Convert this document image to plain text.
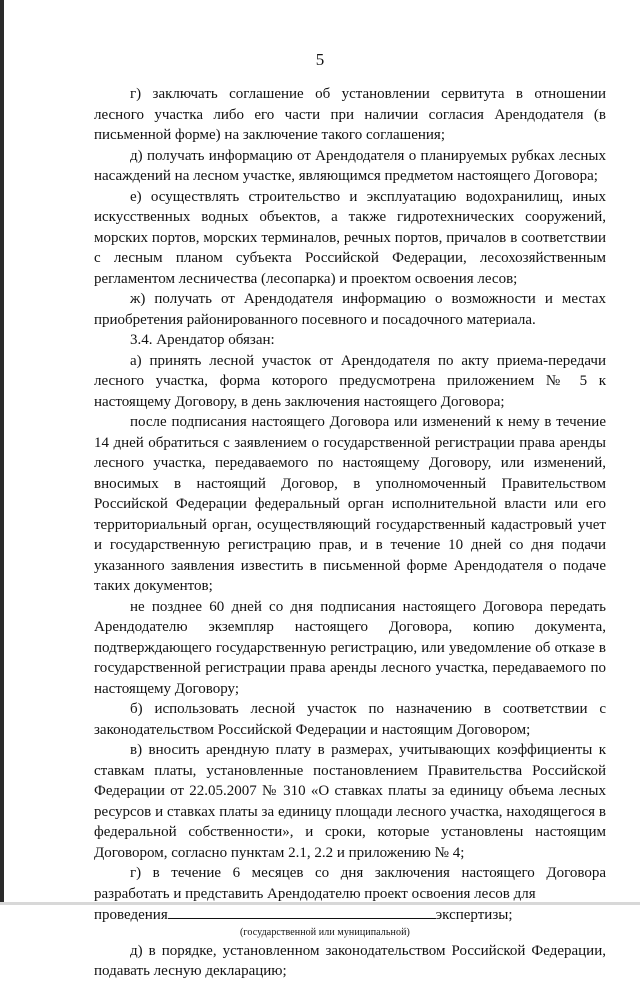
5

г) заключать соглашение об установлении сервитута в отношении лесного участка либо его части при наличии согласия Арендодателя (в письменной форме) на заключение такого соглашения;

д) получать информацию от Арендодателя о планируемых рубках лесных насаждений на лесном участке, являющимся предметом настоящего Договора;

е) осуществлять строительство и эксплуатацию водохранилищ, иных искусственных водных объектов, а также гидротехнических сооружений, морских портов, морских терминалов, речных портов, причалов в соответствии с лесным планом субъекта Российской Федерации, лесохозяйственным регламентом лесничества (лесопарка) и проектом освоения лесов;

ж) получать от Арендодателя информацию о возможности и местах приобретения районированного посевного и посадочного материала.

3.4. Арендатор обязан:

а) принять лесной участок от Арендодателя по акту приема-передачи лесного участка, форма которого предусмотрена приложением № 5 к настоящему Договору, в день заключения настоящего Договора;

после подписания настоящего Договора или изменений к нему в течение 14 дней обратиться с заявлением о государственной регистрации права аренды лесного участка, передаваемого по настоящему Договору, или изменений, вносимых в настоящий Договор, в уполномоченный Правительством Российской Федерации федеральный орган исполнительной власти или его территориальный орган, осуществляющий государственный кадастровый учет и государственную регистрацию прав, и в течение 10 дней со дня подачи указанного заявления известить в письменной форме Арендодателя о подаче таких документов;

не позднее 60 дней со дня подписания настоящего Договора передать Арендодателю экземпляр настоящего Договора, копию документа, подтверждающего государственную регистрацию, или уведомление об отказе в государственной регистрации права аренды лесного участка, передаваемого по настоящему Договору;

б) использовать лесной участок по назначению в соответствии с законодательством Российской Федерации и настоящим Договором;

в) вносить арендную плату в размерах, учитывающих коэффициенты к ставкам платы, установленные постановлением Правительства Российской Федерации от 22.05.2007 № 310 «О ставках платы за единицу объема лесных ресурсов и ставках платы за единицу площади лесного участка, находящегося в федеральной собственности», и сроки, которые установлены настоящим Договором, согласно пунктам 2.1, 2.2 и приложению № 4;

г) в течение 6 месяцев со дня заключения настоящего Договора разработать и представить Арендодателю проект освоения лесов для

проведения	экспертизы;

(государственной или муниципальной)

д) в порядке, установленном законодательством Российской Федерации, подавать лесную декларацию;
